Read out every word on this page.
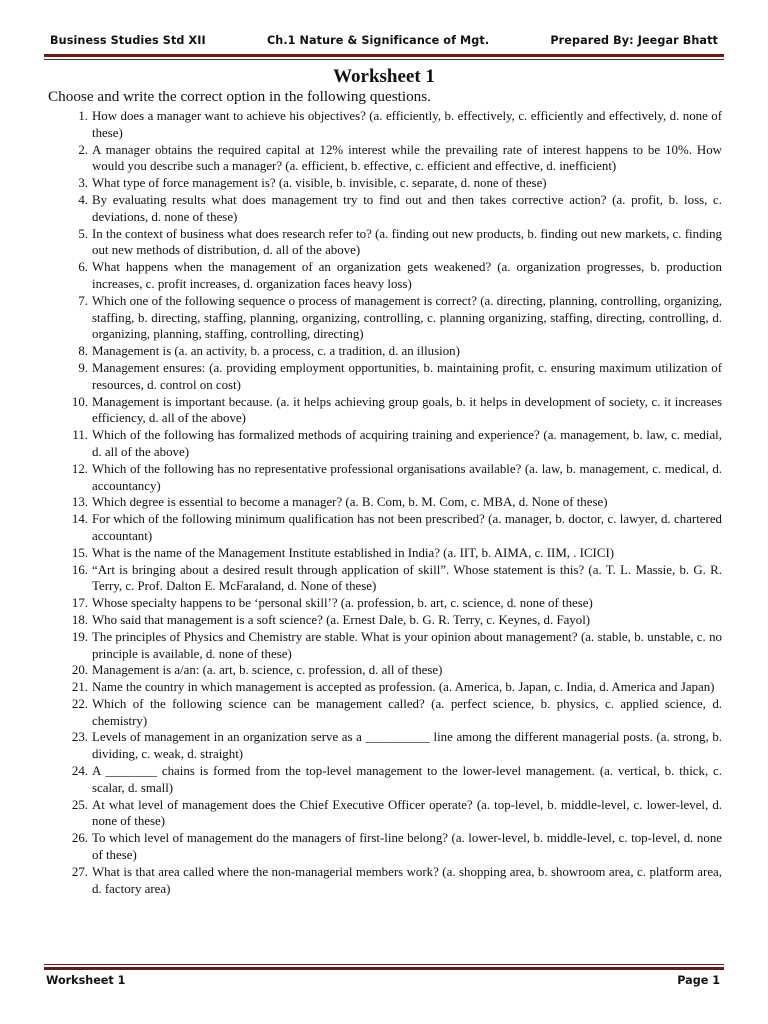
Business Studies Std XII	Ch.1 Nature & Significance of Mgt.	Prepared By: Jeegar Bhatt
Worksheet 1
Choose and write the correct option in the following questions.
1. How does a manager want to achieve his objectives? (a. efficiently, b. effectively, c. efficiently and effectively, d. none of these)
2. A manager obtains the required capital at 12% interest while the prevailing rate of interest happens to be 10%. How would you describe such a manager? (a. efficient, b. effective, c. efficient and effective, d. inefficient)
3. What type of force management is? (a. visible, b. invisible, c. separate, d. none of these)
4. By evaluating results what does management try to find out and then takes corrective action? (a. profit, b. loss, c. deviations, d. none of these)
5. In the context of business what does research refer to? (a. finding out new products, b. finding out new markets, c. finding out new methods of distribution, d. all of the above)
6. What happens when the management of an organization gets weakened? (a. organization progresses, b. production increases, c. profit increases, d. organization faces heavy loss)
7. Which one of the following sequence o process of management is correct? (a. directing, planning, controlling, organizing, staffing, b. directing, staffing, planning, organizing, controlling, c. planning organizing, staffing, directing, controlling, d. organizing, planning, staffing, controlling, directing)
8. Management is (a. an activity, b. a process, c. a tradition, d. an illusion)
9. Management ensures: (a. providing employment opportunities, b. maintaining profit, c. ensuring maximum utilization of resources, d. control on cost)
10. Management is important because. (a. it helps achieving group goals, b. it helps in development of society, c. it increases efficiency, d. all of the above)
11. Which of the following has formalized methods of acquiring training and experience? (a. management, b. law, c. medial, d. all of the above)
12. Which of the following has no representative professional organisations available? (a. law, b. management, c. medical, d. accountancy)
13. Which degree is essential to become a manager? (a. B. Com, b. M. Com, c. MBA, d. None of these)
14. For which of the following minimum qualification has not been prescribed? (a. manager, b. doctor, c. lawyer, d. chartered accountant)
15. What is the name of the Management Institute established in India? (a. IIT, b. AIMA, c. IIM, . ICICI)
16. “Art is bringing about a desired result through application of skill”. Whose statement is this? (a. T. L. Massie, b. G. R. Terry, c. Prof. Dalton E. McFaraland, d. None of these)
17. Whose specialty happens to be ‘personal skill’? (a. profession, b. art, c. science, d. none of these)
18. Who said that management is a soft science? (a. Ernest Dale, b. G. R. Terry, c. Keynes, d. Fayol)
19. The principles of Physics and Chemistry are stable. What is your opinion about management? (a. stable, b. unstable, c. no principle is available, d. none of these)
20. Management is a/an: (a. art, b. science, c. profession, d. all of these)
21. Name the country in which management is accepted as profession. (a. America, b. Japan, c. India, d. America and Japan)
22. Which of the following science can be management called? (a. perfect science, b. physics, c. applied science, d. chemistry)
23. Levels of management in an organization serve as a __________ line among the different managerial posts. (a. strong, b. dividing, c. weak, d. straight)
24. A ________ chains is formed from the top-level management to the lower-level management. (a. vertical, b. thick, c. scalar, d. small)
25. At what level of management does the Chief Executive Officer operate? (a. top-level, b. middle-level, c. lower-level, d. none of these)
26. To which level of management do the managers of first-line belong? (a. lower-level, b. middle-level, c. top-level, d. none of these)
27. What is that area called where the non-managerial members work? (a. shopping area, b. showroom area, c. platform area, d. factory area)
Worksheet 1	Page 1
